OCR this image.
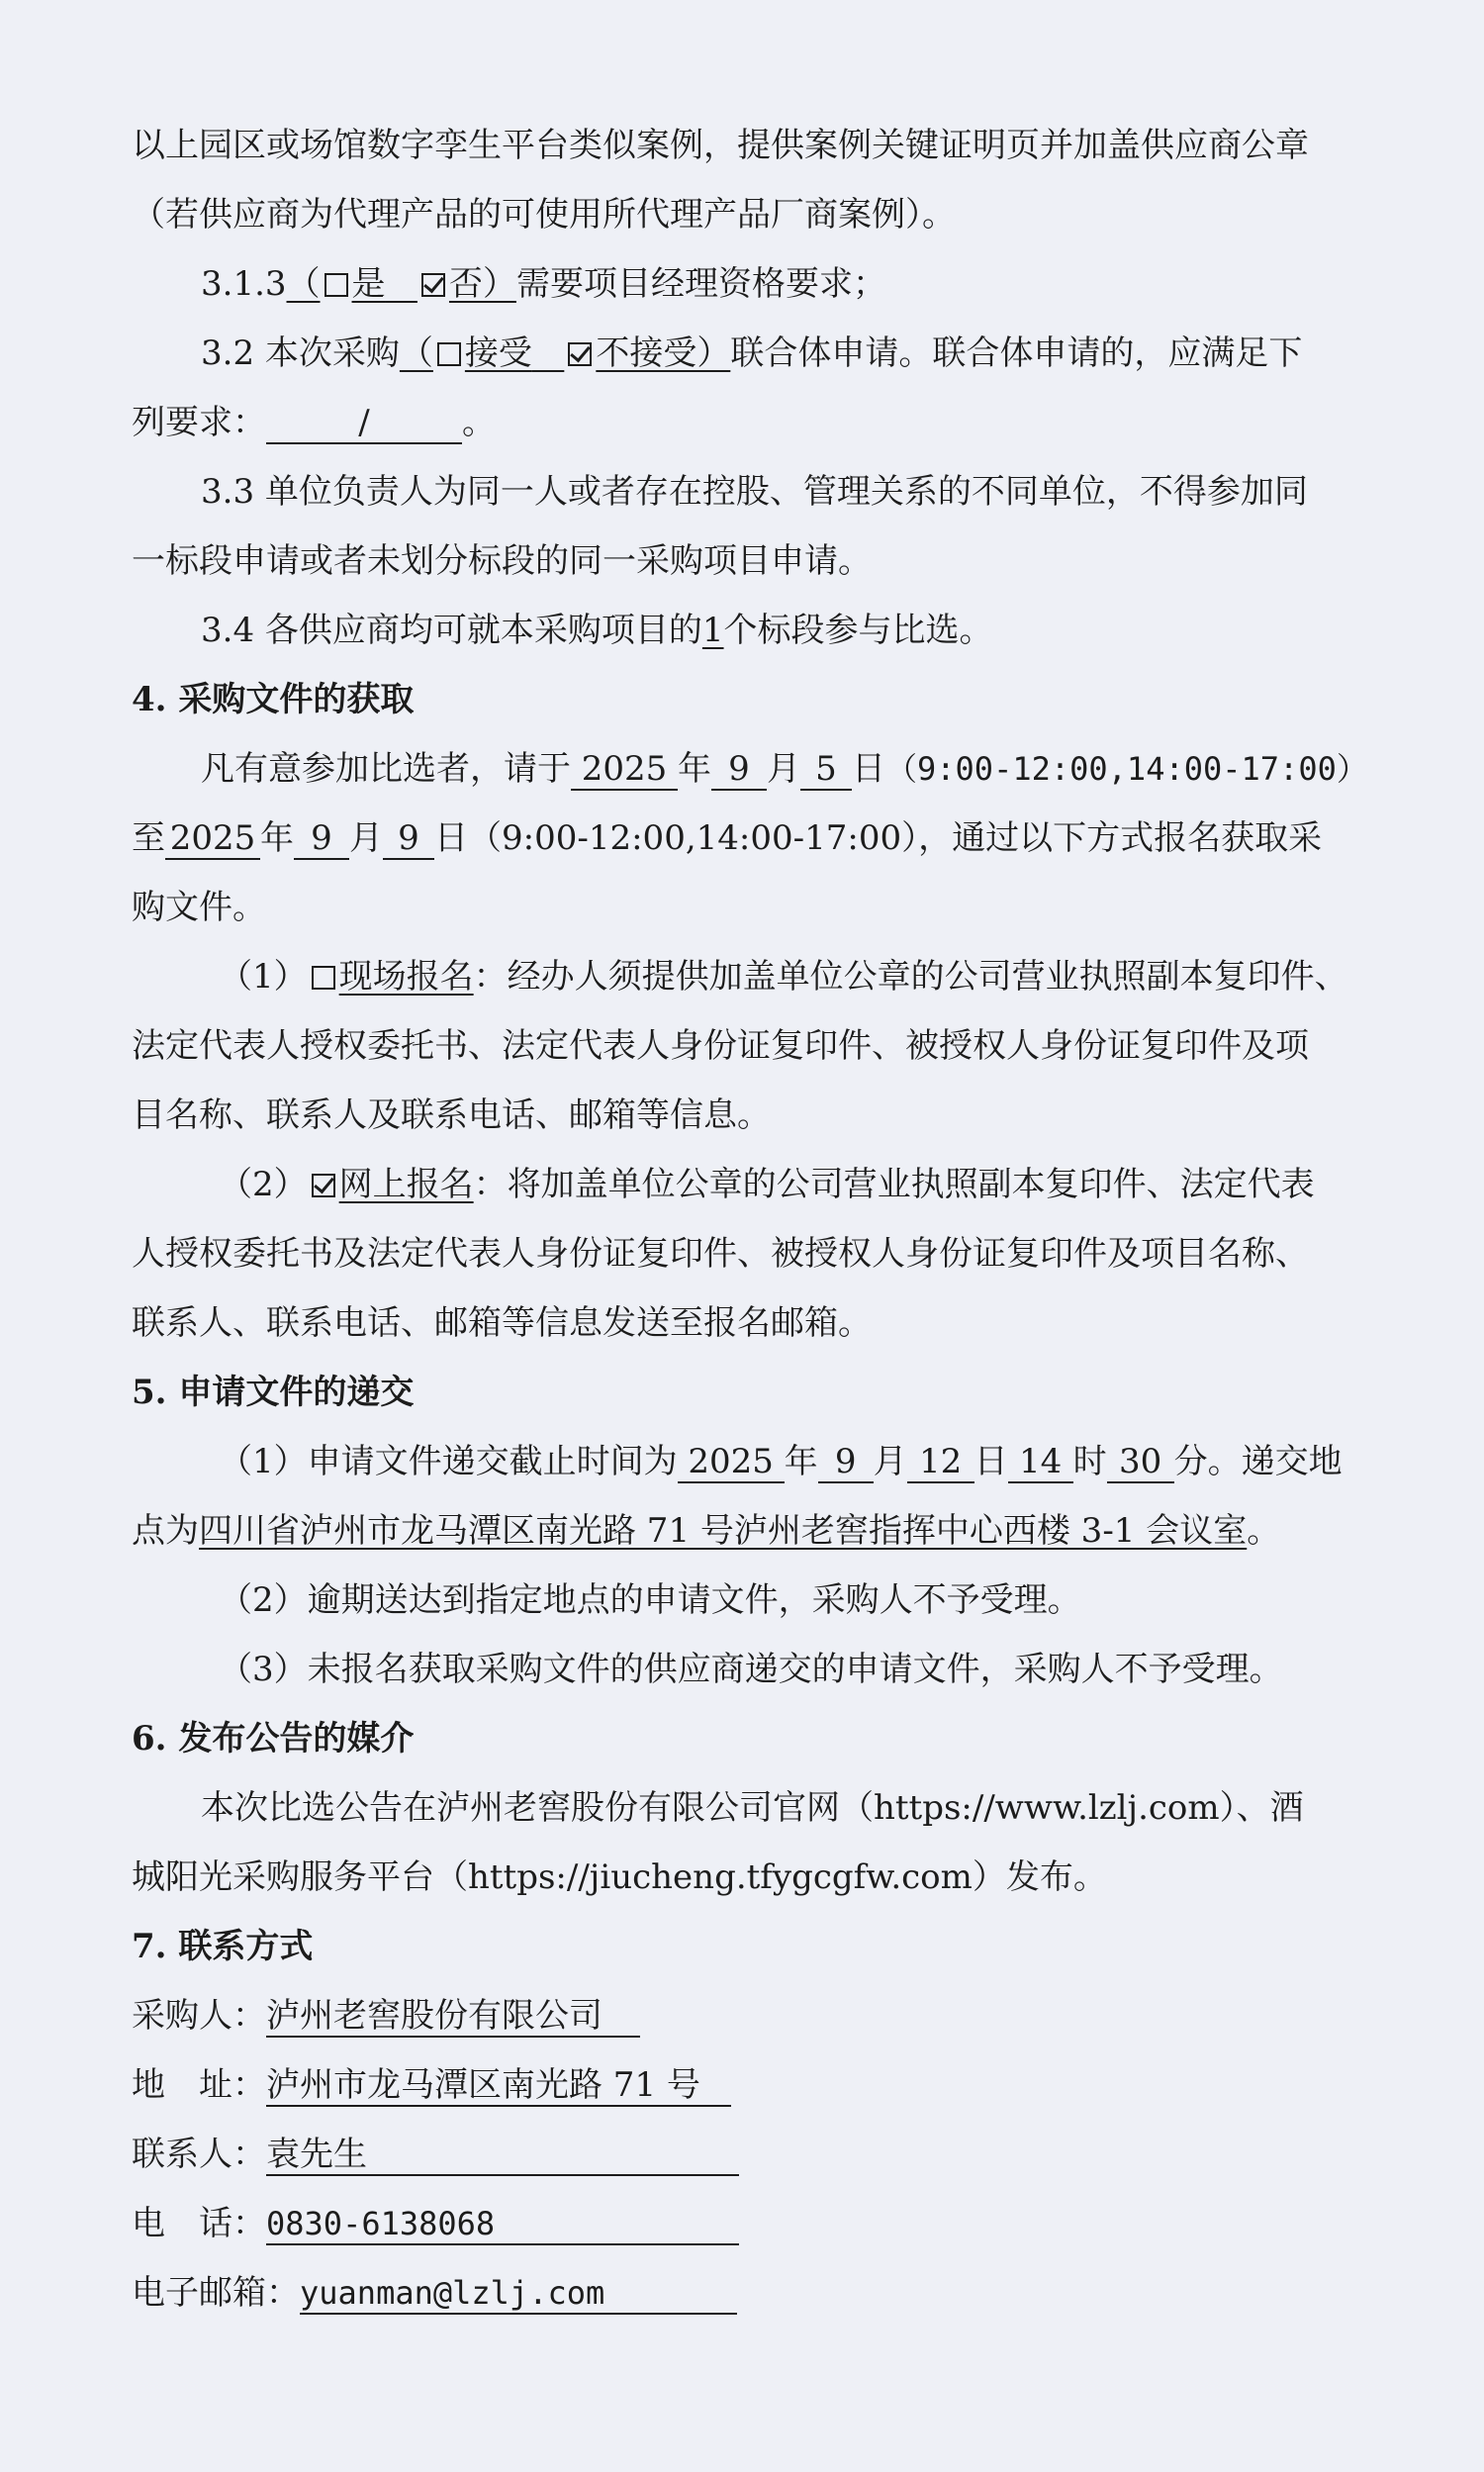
以上园区或场馆数字孪生平台类似案例，提供案例关键证明页并加盖供应商公章
（若供应商为代理产品的可使用所代理产品厂商案例）。
3.1.3（ 是 否）需要项目经理资格要求；
3.2 本次采购（ 接受 不接受）联合体申请。联合体申请的，应满足下
列要求：	/	。
3.3 单位负责人为同一人或者存在控股、管理关系的不同单位，不得参加同
一标段申请或者未划分标段的同一采购项目申请。
3.4 各供应商均可就本采购项目的1个标段参与比选。
4. 采购文件的获取
凡有意参加比选者，请于 2025 年 9 月 5 日（9:00-12:00,14:00-17:00）
至 2025 年 9 月 9 日（9:00-12:00,14:00-17:00），通过以下方式报名获取采
购文件。
（1） 现场报名：经办人须提供加盖单位公章的公司营业执照副本复印件、
法定代表人授权委托书、法定代表人身份证复印件、被授权人身份证复印件及项
目名称、联系人及联系电话、邮箱等信息。
（2） 网上报名：将加盖单位公章的公司营业执照副本复印件、法定代表
人授权委托书及法定代表人身份证复印件、被授权人身份证复印件及项目名称、
联系人、联系电话、邮箱等信息发送至报名邮箱。
5. 申请文件的递交
（1）申请文件递交截止时间为 2025 年 9 月 12 日 14 时 30 分。递交地
点为四川省泸州市龙马潭区南光路 71 号泸州老窖指挥中心西楼 3-1 会议室。
（2）逾期送达到指定地点的申请文件，采购人不予受理。
（3）未报名获取采购文件的供应商递交的申请文件，采购人不予受理。
6. 发布公告的媒介
本次比选公告在泸州老窖股份有限公司官网（https://www.lzlj.com）、酒
城阳光采购服务平台（https://jiucheng.tfygcgfw.com）发布。
7. 联系方式
采购人：泸州老窖股份有限公司
地　址：泸州市龙马潭区南光路 71 号
联系人：袁先生
电　话：0830-6138068
电子邮箱：yuanman@lzlj.com
